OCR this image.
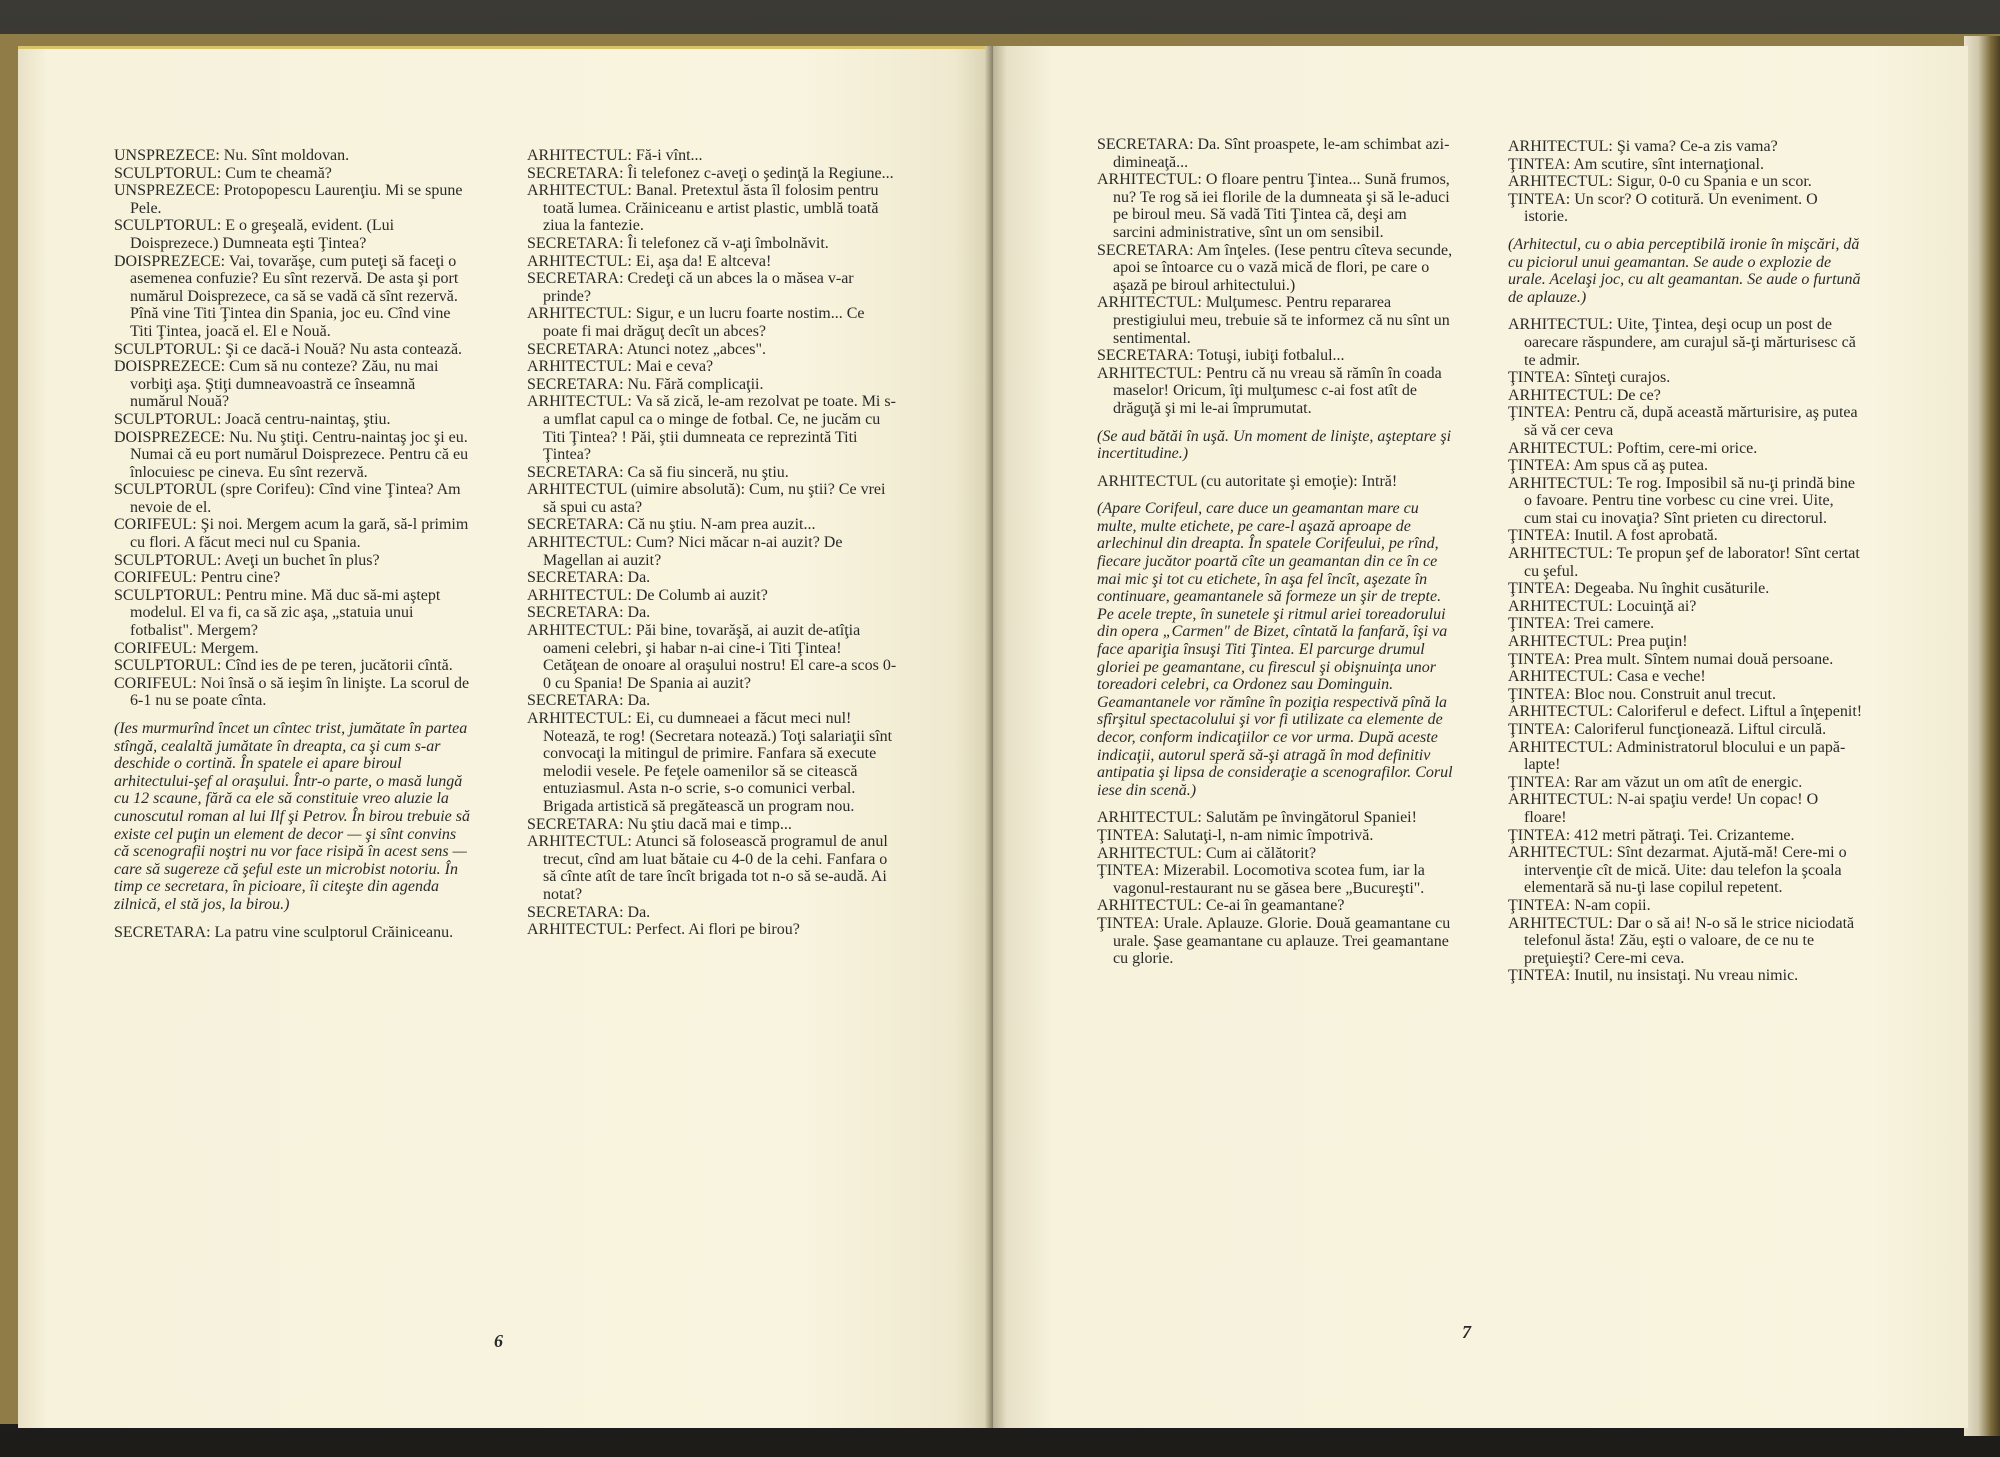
UNSPREZECE: Nu. Sînt moldovan.

SCULPTORUL: Cum te cheamă?

UNSPREZECE: Protopopescu Laurenţiu. Mi se spune Pele.

SCULPTORUL: E o greşeală, evident. (Lui Doisprezece.) Dumneata eşti Ţintea?

DOISPREZECE: Vai, tovarăşe, cum puteţi să faceţi o asemenea confuzie? Eu sînt rezervă. De asta şi port numărul Doisprezece, ca să se vadă că sînt rezervă. Pînă vine Titi Ţintea din Spania, joc eu. Cînd vine Titi Ţintea, joacă el. El e Nouă.

SCULPTORUL: Şi ce dacă-i Nouă? Nu asta contează.

DOISPREZECE: Cum să nu conteze? Zău, nu mai vorbiţi aşa. Ştiţi dumneavoastră ce înseamnă numărul Nouă?

SCULPTORUL: Joacă centru-naintaş, ştiu.

DOISPREZECE: Nu. Nu ştiţi. Centru-naintaş joc şi eu. Numai că eu port numărul Doisprezece. Pentru că eu înlocuiesc pe cineva. Eu sînt rezervă.

SCULPTORUL (spre Corifeu): Cînd vine Ţintea? Am nevoie de el.

CORIFEUL: Şi noi. Mergem acum la gară, să-l primim cu flori. A făcut meci nul cu Spania.

SCULPTORUL: Aveţi un buchet în plus?

CORIFEUL: Pentru cine?

SCULPTORUL: Pentru mine. Mă duc să-mi aştept modelul. El va fi, ca să zic aşa, „statuia unui fotbalist". Mergem?

CORIFEUL: Mergem.

SCULPTORUL: Cînd ies de pe teren, jucătorii cîntă.

CORIFEUL: Noi însă o să ieşim în linişte. La scorul de 6-1 nu se poate cînta.

(Ies murmurînd încet un cîntec trist, jumătate în partea stîngă, cealaltă jumătate în dreapta, ca şi cum s-ar deschide o cortină. În spatele ei apare biroul arhitectului-şef al oraşului. Într-o parte, o masă lungă cu 12 scaune, fără ca ele să constituie vreo aluzie la cunoscutul roman al lui Ilf şi Petrov. În birou trebuie să existe cel puţin un element de decor — şi sînt convins că scenografii noştri nu vor face risipă în acest sens — care să sugereze că şeful este un microbist notoriu. În timp ce secretara, în picioare, îi citeşte din agenda zilnică, el stă jos, la birou.)

SECRETARA: La patru vine sculptorul Crăiniceanu.

ARHITECTUL: Fă-i vînt...

SECRETARA: Îi telefonez c-aveţi o şedinţă la Regiune...

ARHITECTUL: Banal. Pretextul ăsta îl folosim pentru toată lumea. Crăiniceanu e artist plastic, umblă toată ziua la fantezie.

SECRETARA: Îi telefonez că v-aţi îmbolnăvit.

ARHITECTUL: Ei, aşa da! E altceva!

SECRETARA: Credeţi că un abces la o măsea v-ar prinde?

ARHITECTUL: Sigur, e un lucru foarte nostim... Ce poate fi mai drăguţ decît un abces?

SECRETARA: Atunci notez „abces".

ARHITECTUL: Mai e ceva?

SECRETARA: Nu. Fără complicaţii.

ARHITECTUL: Va să zică, le-am rezolvat pe toate. Mi s-a umflat capul ca o minge de fotbal. Ce, ne jucăm cu Titi Ţintea? ! Păi, ştii dumneata ce reprezintă Titi Ţintea?

SECRETARA: Ca să fiu sinceră, nu ştiu.

ARHITECTUL (uimire absolută): Cum, nu ştii? Ce vrei să spui cu asta?

SECRETARA: Că nu ştiu. N-am prea auzit...

ARHITECTUL: Cum? Nici măcar n-ai auzit? De Magellan ai auzit?

SECRETARA: Da.

ARHITECTUL: De Columb ai auzit?

SECRETARA: Da.

ARHITECTUL: Păi bine, tovarăşă, ai auzit de-atîţia oameni celebri, şi habar n-ai cine-i Titi Ţintea! Cetăţean de onoare al oraşului nostru! El care-a scos 0-0 cu Spania! De Spania ai auzit?

SECRETARA: Da.

ARHITECTUL: Ei, cu dumneaei a făcut meci nul! Notează, te rog! (Secretara notează.) Toţi salariaţii sînt convocaţi la mitingul de primire. Fanfara să execute melodii vesele. Pe feţele oamenilor să se citească entuziasmul. Asta n-o scrie, s-o comunici verbal. Brigada artistică să pregătească un program nou.

SECRETARA: Nu ştiu dacă mai e timp...

ARHITECTUL: Atunci să folosească programul de anul trecut, cînd am luat bătaie cu 4-0 de la cehi. Fanfara o să cînte atît de tare încît brigada tot n-o să se-audă. Ai notat?

SECRETARA: Da.

ARHITECTUL: Perfect. Ai flori pe birou?

6

SECRETARA: Da. Sînt proaspete, le-am schimbat azi-dimineaţă...

ARHITECTUL: O floare pentru Ţintea... Sună frumos, nu? Te rog să iei florile de la dumneata şi să le-aduci pe biroul meu. Să vadă Titi Ţintea că, deşi am sarcini administrative, sînt un om sensibil.

SECRETARA: Am înţeles. (Iese pentru cîteva secunde, apoi se întoarce cu o vază mică de flori, pe care o aşază pe biroul arhitectului.)

ARHITECTUL: Mulţumesc. Pentru repararea prestigiului meu, trebuie să te informez că nu sînt un sentimental.

SECRETARA: Totuşi, iubiţi fotbalul...

ARHITECTUL: Pentru că nu vreau să rămîn în coada maselor! Oricum, îţi mulţumesc c-ai fost atît de drăguţă şi mi le-ai împrumutat.

(Se aud bătăi în uşă. Un moment de linişte, aşteptare şi incertitudine.)

ARHITECTUL (cu autoritate şi emoţie): Intră!

(Apare Corifeul, care duce un geamantan mare cu multe, multe etichete, pe care-l aşază aproape de arlechinul din dreapta. În spatele Corifeului, pe rînd, fiecare jucător poartă cîte un geamantan din ce în ce mai mic şi tot cu etichete, în aşa fel încît, aşezate în continuare, geamantanele să formeze un şir de trepte. Pe acele trepte, în sunetele şi ritmul ariei toreadorului din opera „Carmen" de Bizet, cîntată la fanfară, îşi va face apariţia însuşi Titi Ţintea. El parcurge drumul gloriei pe geamantane, cu firescul şi obişnuinţa unor toreadori celebri, ca Ordonez sau Dominguin. Geamantanele vor rămîne în poziţia respectivă pînă la sfîrşitul spectacolului şi vor fi utilizate ca elemente de decor, conform indicaţiilor ce vor urma. După aceste indicaţii, autorul speră să-şi atragă în mod definitiv antipatia şi lipsa de consideraţie a scenografilor. Corul iese din scenă.)

ARHITECTUL: Salutăm pe învingătorul Spaniei!

ŢINTEA: Salutaţi-l, n-am nimic împotrivă.

ARHITECTUL: Cum ai călătorit?

ŢINTEA: Mizerabil. Locomotiva scotea fum, iar la vagonul-restaurant nu se găsea bere „Bucureşti".

ARHITECTUL: Ce-ai în geamantane?

ŢINTEA: Urale. Aplauze. Glorie. Două geamantane cu urale. Şase geamantane cu aplauze. Trei geamantane cu glorie.

ARHITECTUL: Şi vama? Ce-a zis vama?

ŢINTEA: Am scutire, sînt internaţional.

ARHITECTUL: Sigur, 0-0 cu Spania e un scor.

ŢINTEA: Un scor? O cotitură. Un eveniment. O istorie.

(Arhitectul, cu o abia perceptibilă ironie în mişcări, dă cu piciorul unui geamantan. Se aude o explozie de urale. Acelaşi joc, cu alt geamantan. Se aude o furtună de aplauze.)

ARHITECTUL: Uite, Ţintea, deşi ocup un post de oarecare răspundere, am curajul să-ţi mărturisesc că te admir.

ŢINTEA: Sînteţi curajos.

ARHITECTUL: De ce?

ŢINTEA: Pentru că, după această mărturisire, aş putea să vă cer ceva

ARHITECTUL: Poftim, cere-mi orice.

ŢINTEA: Am spus că aş putea.

ARHITECTUL: Te rog. Imposibil să nu-ţi prindă bine o favoare. Pentru tine vorbesc cu cine vrei. Uite, cum stai cu inovaţia? Sînt prieten cu directorul.

ŢINTEA: Inutil. A fost aprobată.

ARHITECTUL: Te propun şef de laborator! Sînt certat cu şeful.

ŢINTEA: Degeaba. Nu înghit cusăturile.

ARHITECTUL: Locuinţă ai?

ŢINTEA: Trei camere.

ARHITECTUL: Prea puţin!

ŢINTEA: Prea mult. Sîntem numai două persoane.

ARHITECTUL: Casa e veche!

ŢINTEA: Bloc nou. Construit anul trecut.

ARHITECTUL: Caloriferul e defect. Liftul a înţepenit!

ŢINTEA: Caloriferul funcţionează. Liftul circulă.

ARHITECTUL: Administratorul blocului e un papă-lapte!

ŢINTEA: Rar am văzut un om atît de energic.

ARHITECTUL: N-ai spaţiu verde! Un copac! O floare!

ŢINTEA: 412 metri pătraţi. Tei. Crizanteme.

ARHITECTUL: Sînt dezarmat. Ajută-mă! Cere-mi o intervenţie cît de mică. Uite: dau telefon la şcoala elementară să nu-ţi lase copilul repetent.

ŢINTEA: N-am copii.

ARHITECTUL: Dar o să ai! N-o să le strice niciodată telefonul ăsta! Zău, eşti o valoare, de ce nu te preţuieşti? Cere-mi ceva.

ŢINTEA: Inutil, nu insistaţi. Nu vreau nimic.

7
